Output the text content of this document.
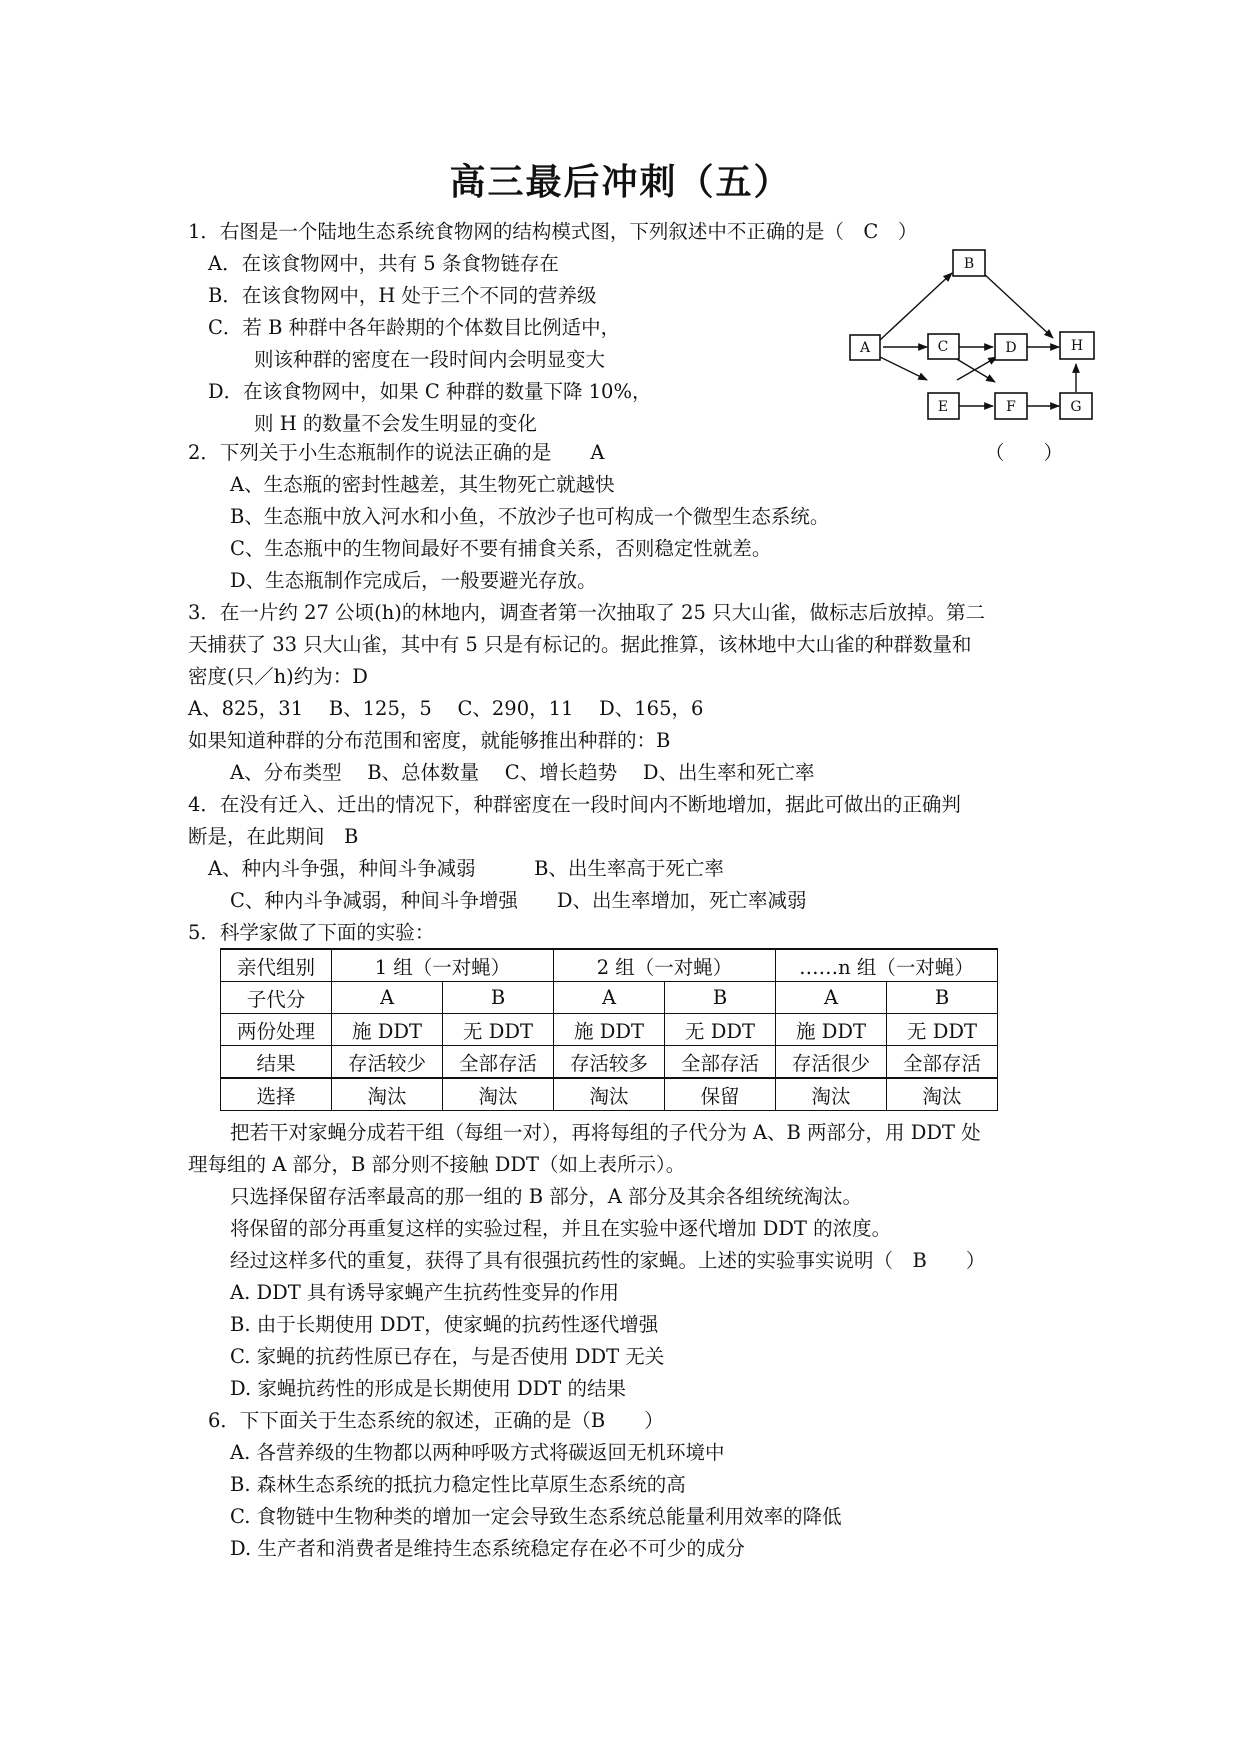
高三最后冲刺（五）
1．右图是一个陆地生态系统食物网的结构模式图，下列叙述中不正确的是（　C　）
A．在该食物网中，共有 5 条食物链存在
B．在该食物网中，H 处于三个不同的营养级
C．若 B 种群中各年龄期的个体数目比例适中，
则该种群的密度在一段时间内会明显变大
D．在该食物网中，如果 C 种群的数量下降 10%，
则 H 的数量不会发生明显的变化
A
B
C	D
E	F	G
H
2．下列关于小生态瓶制作的说法正确的是　　A	（　　）
A、生态瓶的密封性越差，其生物死亡就越快
B、生态瓶中放入河水和小鱼，不放沙子也可构成一个微型生态系统。
C、生态瓶中的生物间最好不要有捕食关系，否则稳定性就差。
D、生态瓶制作完成后，一般要避光存放。
3．在一片约 27 公顷(h)的林地内，调查者第一次抽取了 25 只大山雀，做标志后放掉。第二
天捕获了 33 只大山雀，其中有 5 只是有标记的。据此推算，该林地中大山雀的种群数量和
密度(只／h)约为：D
A、825，31　 B、125，5　 C、290，11　 D、165，6
如果知道种群的分布范围和密度，就能够推出种群的：B
A、分布类型　 B、总体数量　 C、增长趋势　 D、出生率和死亡率
4．在没有迁入、迁出的情况下，种群密度在一段时间内不断地增加，据此可做出的正确判
断是，在此期间　B
A、种内斗争强，种间斗争减弱　　　B、出生率高于死亡率
C、种内斗争减弱，种间斗争增强　　D、出生率增加，死亡率减弱
5．科学家做了下面的实验：
亲代组别	1 组（一对蝇）		2 组（一对蝇）		……n 组（一对蝇）	
子代分	A	B	A	B	A	B
两份处理	施 DDT	无 DDT	施 DDT	无 DDT	施 DDT	无 DDT
结果	存活较少	全部存活	存活较多	全部存活	存活很少	全部存活
选择	淘汰	淘汰	淘汰	保留	淘汰	淘汰
把若干对家蝇分成若干组（每组一对），再将每组的子代分为 A、B 两部分，用 DDT 处
理每组的 A 部分，B 部分则不接触 DDT（如上表所示）。
只选择保留存活率最高的那一组的 B 部分，A 部分及其余各组统统淘汰。
将保留的部分再重复这样的实验过程，并且在实验中逐代增加 DDT 的浓度。
经过这样多代的重复，获得了具有很强抗药性的家蝇。上述的实验事实说明（　B　　）
A. DDT 具有诱导家蝇产生抗药性变异的作用
B. 由于长期使用 DDT，使家蝇的抗药性逐代增强
C. 家蝇的抗药性原已存在，与是否使用 DDT 无关
D. 家蝇抗药性的形成是长期使用 DDT 的结果
6．下下面关于生态系统的叙述，正确的是（B　　）
A. 各营养级的生物都以两种呼吸方式将碳返回无机环境中
B. 森林生态系统的抵抗力稳定性比草原生态系统的高
C. 食物链中生物种类的增加一定会导致生态系统总能量利用效率的降低
D. 生产者和消费者是维持生态系统稳定存在必不可少的成分
